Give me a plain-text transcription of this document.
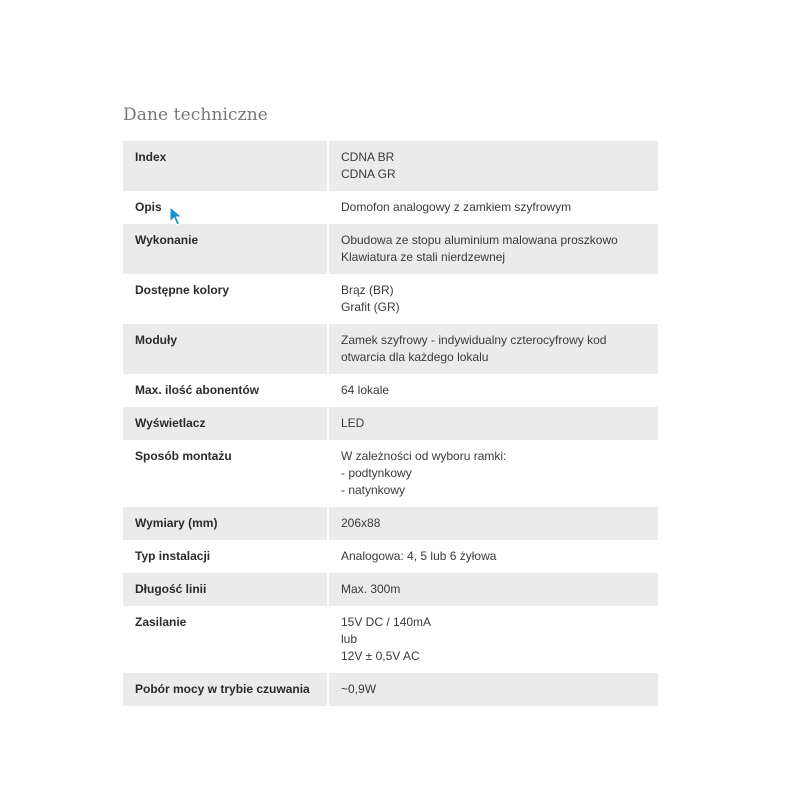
Dane techniczne
Index	CDNA BR
CDNA GR

Opis	Domofon analogowy z zamkiem szyfrowym

Wykonanie	Obudowa ze stopu aluminium malowana proszkowo
Klawiatura ze stali nierdzewnej

Dostępne kolory	Brąz (BR)
Grafit (GR)

Moduły	Zamek szyfrowy - indywidualny czterocyfrowy kod
otwarcia dla każdego lokalu

Max. ilość abonentów	64 lokale

Wyświetlacz	LED

Sposób montażu	W zależności od wyboru ramki:
- podtynkowy
- natynkowy

Wymiary (mm)	206x88

Typ instalacji	Analogowa: 4, 5 lub 6 żyłowa

Długość linii	Max. 300m

Zasilanie	15V DC / 140mA
lub
12V ± 0,5V AC

Pobór mocy w trybie czuwania	~0,9W
